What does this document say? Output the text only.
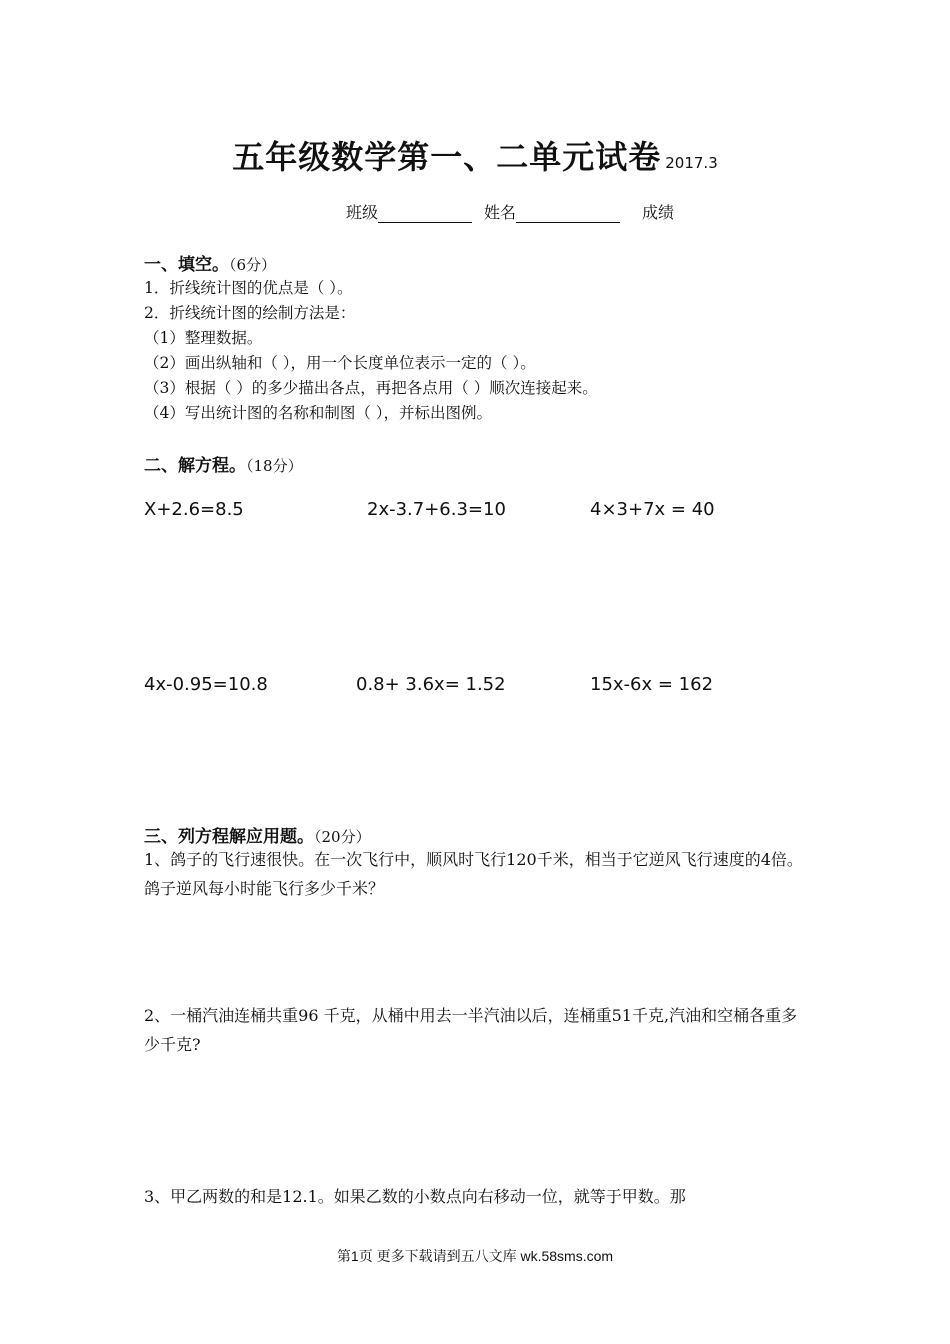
五年级数学第一、二单元试卷 2017.3
班级	姓名	成绩
一、填空。（6分）
1．折线统计图的优点是（ ）。
2．折线统计图的绘制方法是：
（1）整理数据。
（2）画出纵轴和（ ），用一个长度单位表示一定的（ ）。
（3）根据（ ）的多少描出各点，再把各点用（ ）顺次连接起来。
（4）写出统计图的名称和制图（ ），并标出图例。
二、解方程。（18分）
X+2.6=8.5	2x-3.7+6.3=10	4×3+7x = 40
4x-0.95=10.8	0.8+ 3.6x= 1.52	15x-6x = 162
三、列方程解应用题。（20分）
1、鸽子的飞行速很快。在一次飞行中，顺风时飞行120千米，相当于它逆风飞行速度的4倍。鸽子逆风每小时能飞行多少千米？
2、一桶汽油连桶共重96 千克，从桶中用去一半汽油以后，连桶重51千克,汽油和空桶各重多少千克?
3、甲乙两数的和是12.1。如果乙数的小数点向右移动一位，就等于甲数。那
第1页 更多下载请到五八文库 wk.58sms.com
